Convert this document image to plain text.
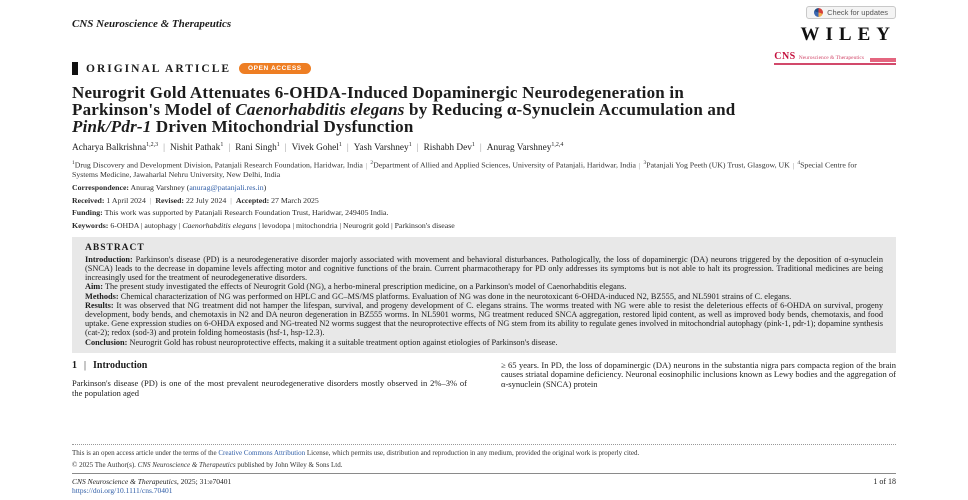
CNS Neuroscience & Therapeutics
Check for updates
WILEY
CNS Neuroscience & Therapeutics
ORIGINAL ARTICLE	OPEN ACCESS
Neurogrit Gold Attenuates 6-OHDA-Induced Dopaminergic Neurodegeneration in Parkinson's Model of Caenorhabditis elegans by Reducing α-Synuclein Accumulation and Pink/Pdr-1 Driven Mitochondrial Dysfunction
Acharya Balkrishna$^{1,2,3}$ | Nishit Pathak$^1$ | Rani Singh$^1$ | Vivek Gohel$^1$ | Yash Varshney$^1$ | Rishabh Dev$^1$ | Anurag Varshney$^{1,2,4}$
$^1$Drug Discovery and Development Division, Patanjali Research Foundation, Haridwar, India | $^2$Department of Allied and Applied Sciences, University of Patanjali, Haridwar, India | $^3$Patanjali Yog Peeth (UK) Trust, Glasgow, UK | $^4$Special Centre for Systems Medicine, Jawaharlal Nehru University, New Delhi, India
Correspondence: Anurag Varshney (anurag@patanjali.res.in)
Received: 1 April 2024 | Revised: 22 July 2024 | Accepted: 27 March 2025
Funding: This work was supported by Patanjali Research Foundation Trust, Haridwar, 249405 India.
Keywords: 6-OHDA | autophagy | Caenorhabditis elegans | levodopa | mitochondria | Neurogrit gold | Parkinson's disease
ABSTRACT

Introduction: Parkinson's disease (PD) is a neurodegenerative disorder majorly associated with movement and behavioral disturbances. Pathologically, the loss of dopaminergic (DA) neurons triggered by the deposition of α-synuclein (SNCA) leads to the decrease in dopamine levels affecting motor and cognitive functions of the brain. Current pharmacotherapy for PD only addresses its symptoms but is not able to halt its progression. Traditional medicines are being increasingly used for the treatment of neurodegenerative disorders.

Aim: The present study investigated the effects of Neurogrit Gold (NG), a herbo-mineral prescription medicine, on a Parkinson's model of Caenorhabditis elegans.

Methods: Chemical characterization of NG was performed on HPLC and GC–MS/MS platforms. Evaluation of NG was done in the neurotoxicant 6-OHDA-induced N2, BZ555, and NL5901 strains of C. elegans.

Results: It was observed that NG treatment did not hamper the lifespan, survival, and progeny development of C. elegans strains. The worms treated with NG were able to resist the deleterious effects of 6-OHDA on survival, progeny development, body bends, and chemotaxis in N2 and DA neuron degeneration in BZ555 worms. In NL5901 worms, NG treatment reduced SNCA aggregation, restored lipid content, as well as improved body bends, chemotaxis, and food uptake. Gene expression studies on 6-OHDA exposed and NG-treated N2 worms suggest that the neuroprotective effects of NG stem from its ability to regulate genes involved in mitochondrial autophagy (pink-1, pdr-1); dopamine synthesis (cat-2); redox (sod-3) and protein folding homeostasis (hsf-1, hsp-12.3).

Conclusion: Neurogrit Gold has robust neuroprotective effects, making it a suitable treatment option against etiologies of Parkinson's disease.

1 | Introduction

Parkinson's disease (PD) is one of the most prevalent neurodegenerative disorders mostly observed in 2%–3% of the population aged

≥ 65 years. In PD, the loss of dopaminergic (DA) neurons in the substantia nigra pars compacta region of the brain causes striatal dopamine deficiency. Neuronal eosinophilic inclusions known as Lewy bodies and the aggregation of α-synuclein (SNCA) protein

This is an open access article under the terms of the Creative Commons Attribution License, which permits use, distribution and reproduction in any medium, provided the original work is properly cited.
© 2025 The Author(s). CNS Neuroscience & Therapeutics published by John Wiley & Sons Ltd.
CNS Neuroscience & Therapeutics, 2025; 31:e70401
https://doi.org/10.1111/cns.70401
1 of 18
